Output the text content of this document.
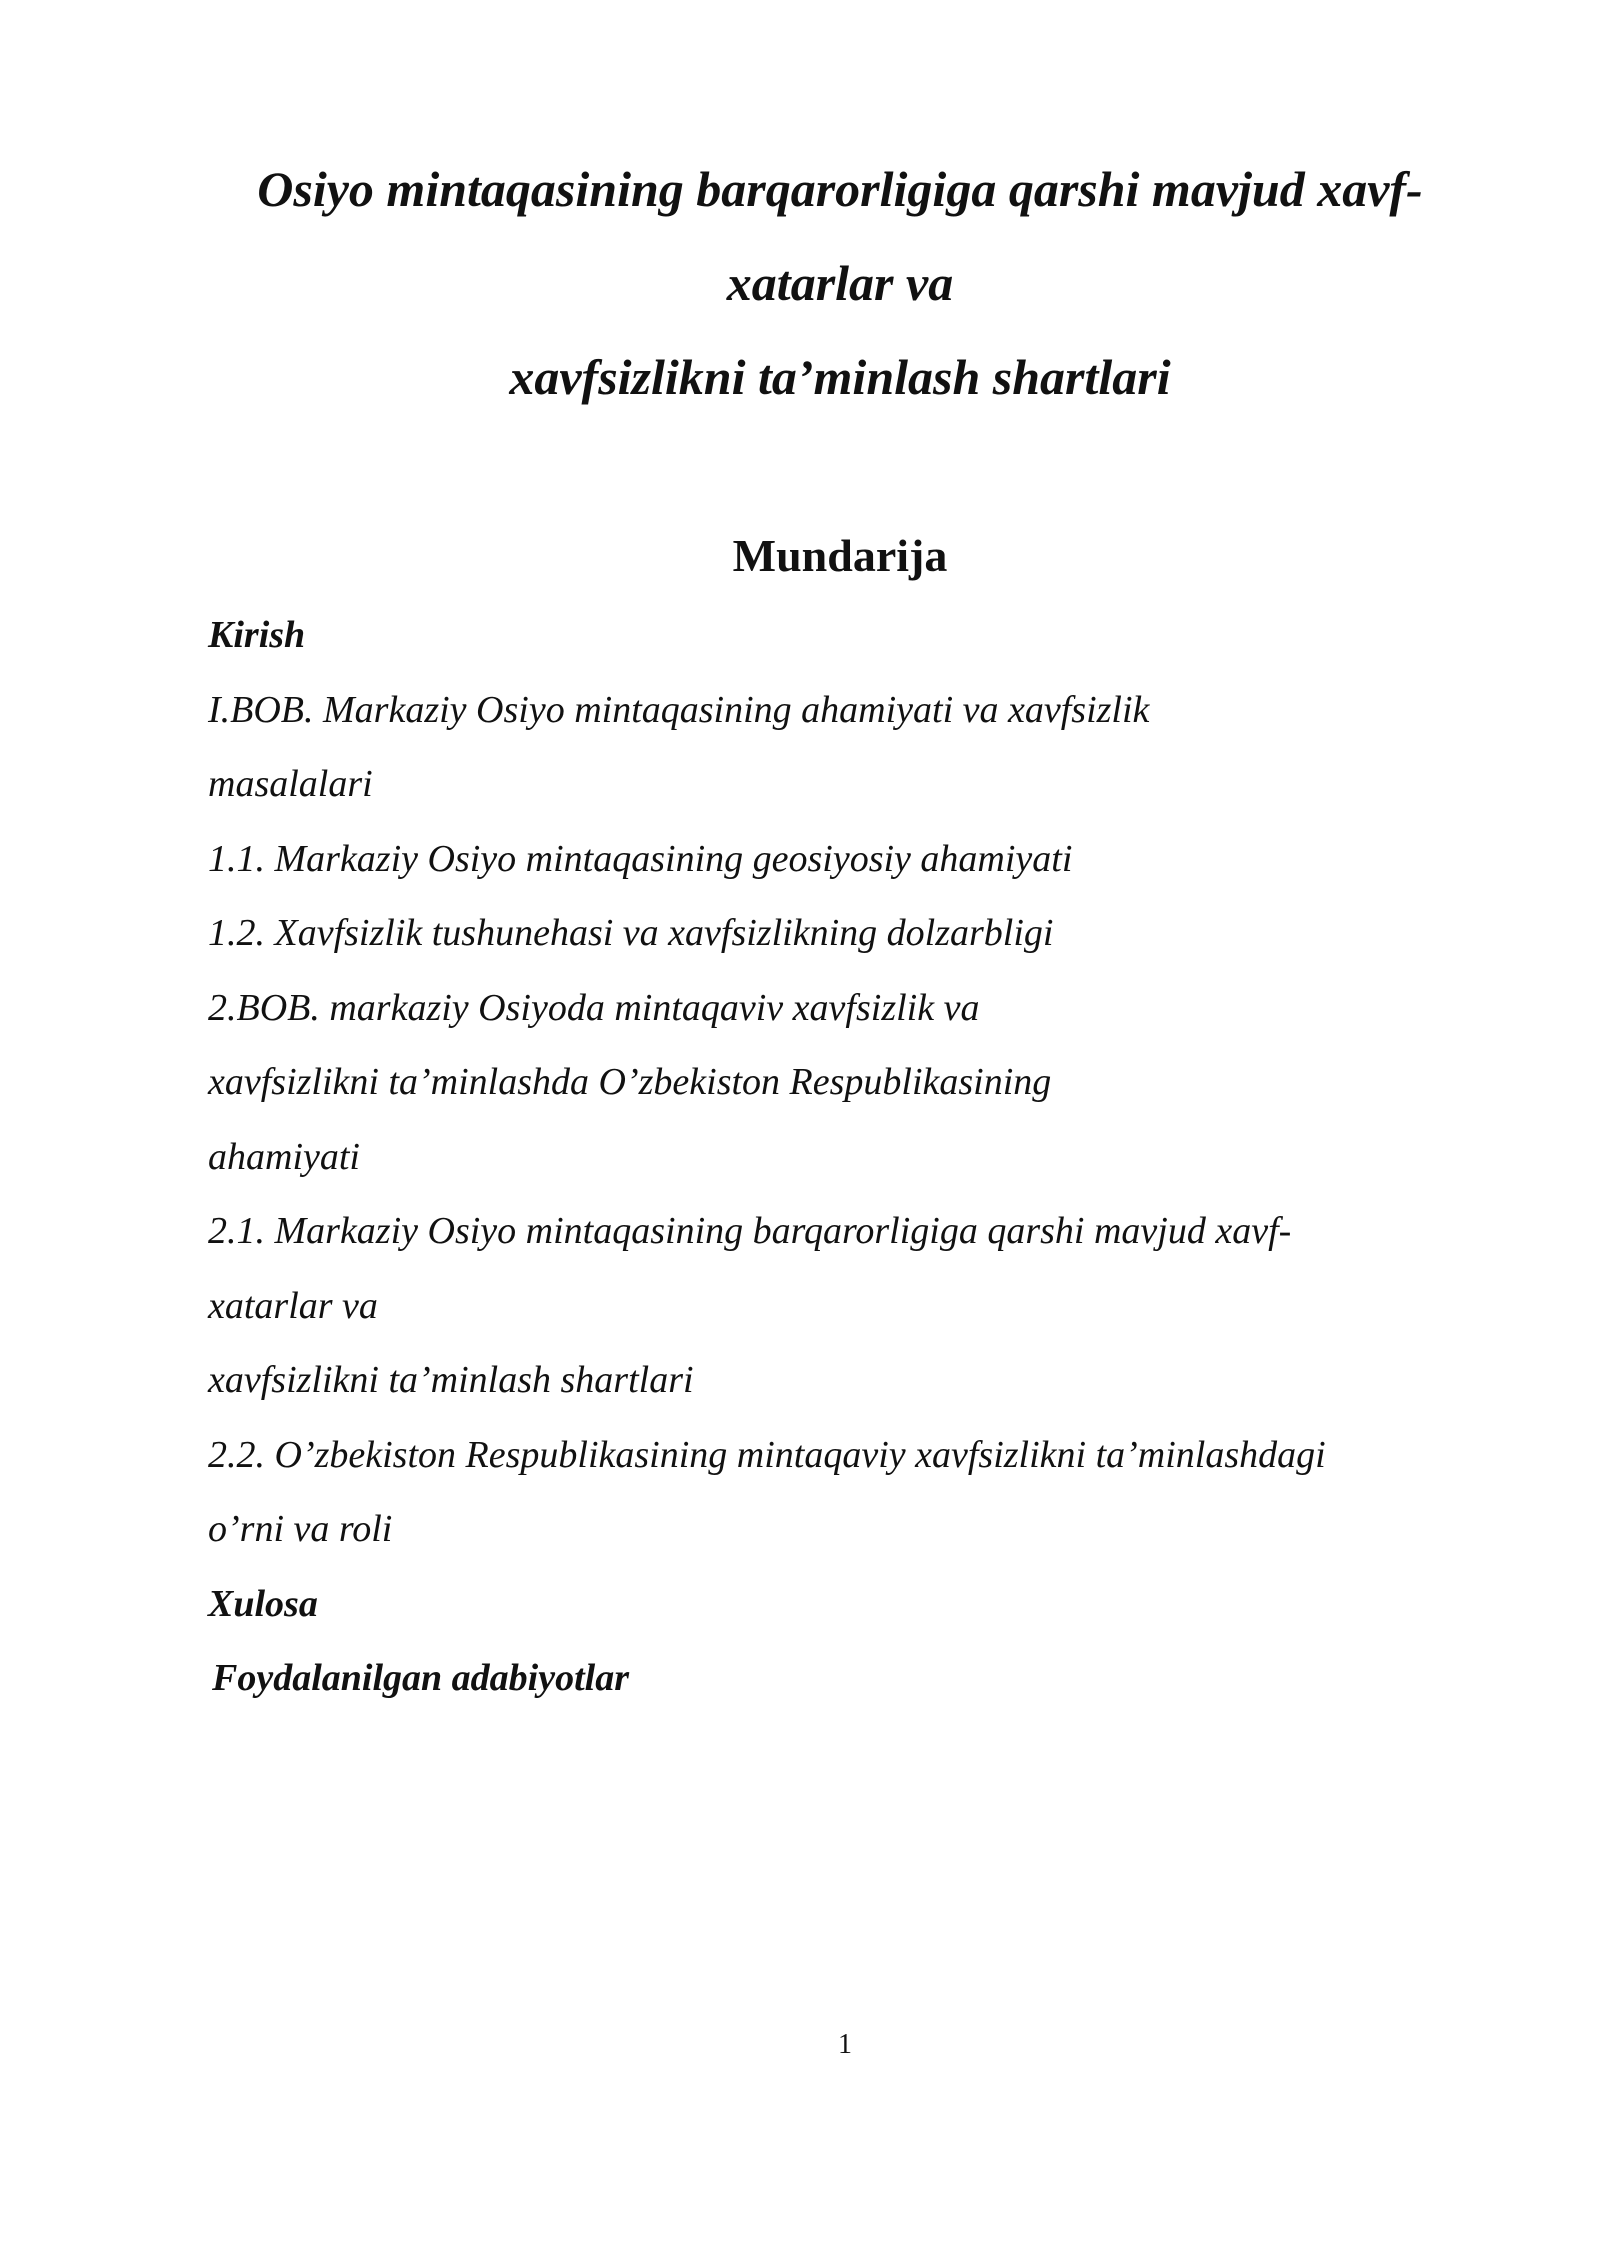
Osiyo mintaqasining barqarorligiga qarshi mavjud xavf-
xatarlar va
xavfsizlikni ta’minlash shartlari
Mundarija
Kirish
I.BOB. Markaziy Osiyo mintaqasining ahamiyati va xavfsizlik
masalalari
1.1. Markaziy Osiyo mintaqasining geosiyosiy ahamiyati
1.2. Xavfsizlik tushunehasi va xavfsizlikning dolzarbligi
2.BOB. markaziy Osiyoda mintaqaviv xavfsizlik va
xavfsizlikni ta’minlashda O’zbekiston Respublikasining
ahamiyati
2.1. Markaziy Osiyo mintaqasining barqarorligiga qarshi mavjud xavf-
xatarlar va
xavfsizlikni ta’minlash shartlari
2.2. O’zbekiston Respublikasining mintaqaviy xavfsizlikni ta’minlashdagi
o’rni va roli
Xulosa
Foydalanilgan adabiyotlar
1
